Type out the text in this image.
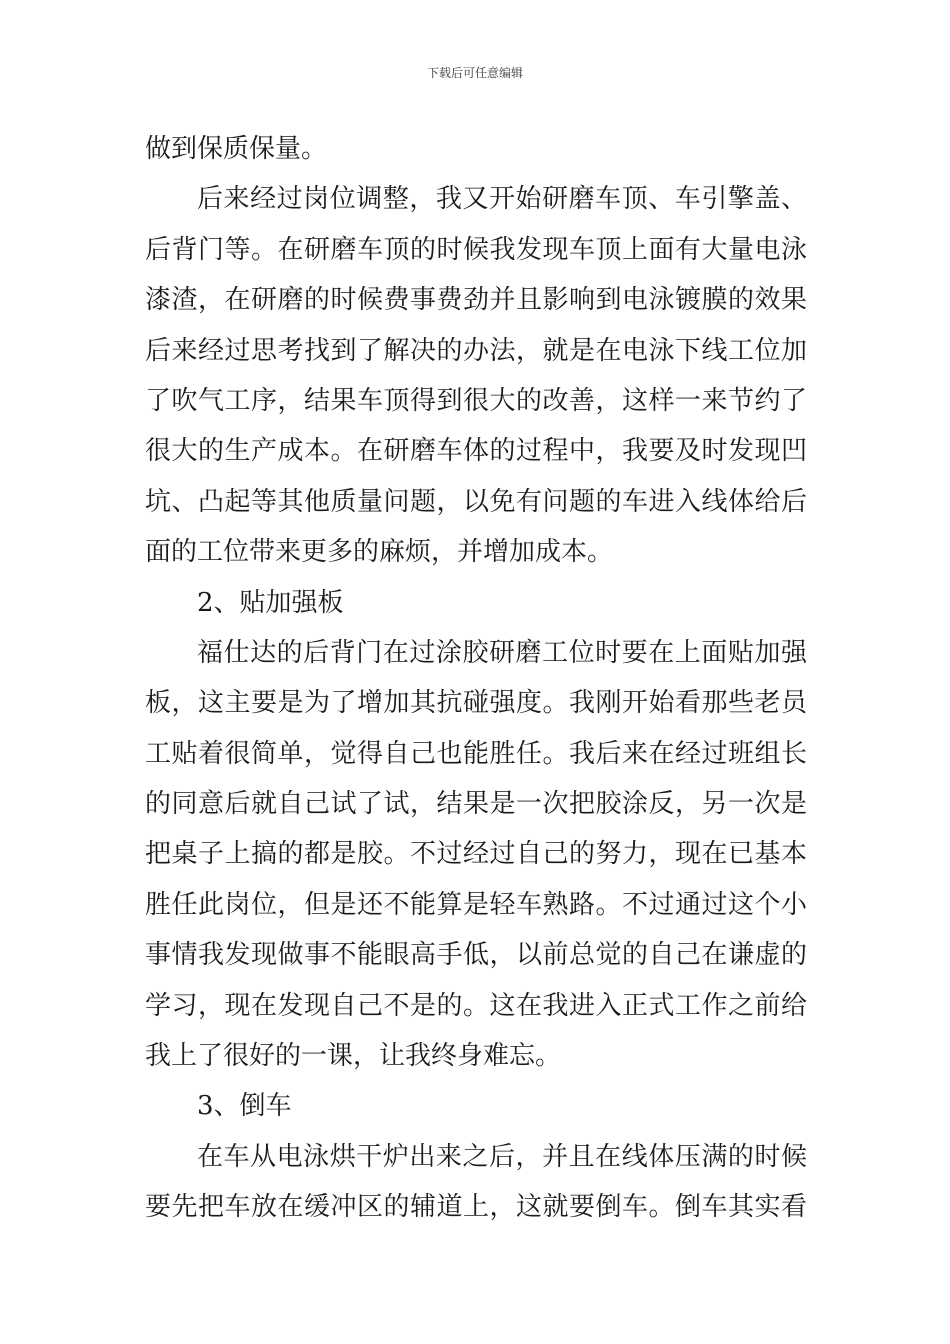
下载后可任意编辑
做到保质保量。
后来经过岗位调整，我又开始研磨车顶、车引擎盖、
后背门等。在研磨车顶的时候我发现车顶上面有大量电泳
漆渣，在研磨的时候费事费劲并且影响到电泳镀膜的效果
后来经过思考找到了解决的办法，就是在电泳下线工位加
了吹气工序，结果车顶得到很大的改善，这样一来节约了
很大的生产成本。在研磨车体的过程中，我要及时发现凹
坑、凸起等其他质量问题，以免有问题的车进入线体给后
面的工位带来更多的麻烦，并增加成本。
2、贴加强板
福仕达的后背门在过涂胶研磨工位时要在上面贴加强
板，这主要是为了增加其抗碰强度。我刚开始看那些老员
工贴着很简单，觉得自己也能胜任。我后来在经过班组长
的同意后就自己试了试，结果是一次把胶涂反，另一次是
把桌子上搞的都是胶。不过经过自己的努力，现在已基本
胜任此岗位，但是还不能算是轻车熟路。不过通过这个小
事情我发现做事不能眼高手低，以前总觉的自己在谦虚的
学习，现在发现自己不是的。这在我进入正式工作之前给
我上了很好的一课，让我终身难忘。
3、倒车
在车从电泳烘干炉出来之后，并且在线体压满的时候
要先把车放在缓冲区的辅道上，这就要倒车。倒车其实看
